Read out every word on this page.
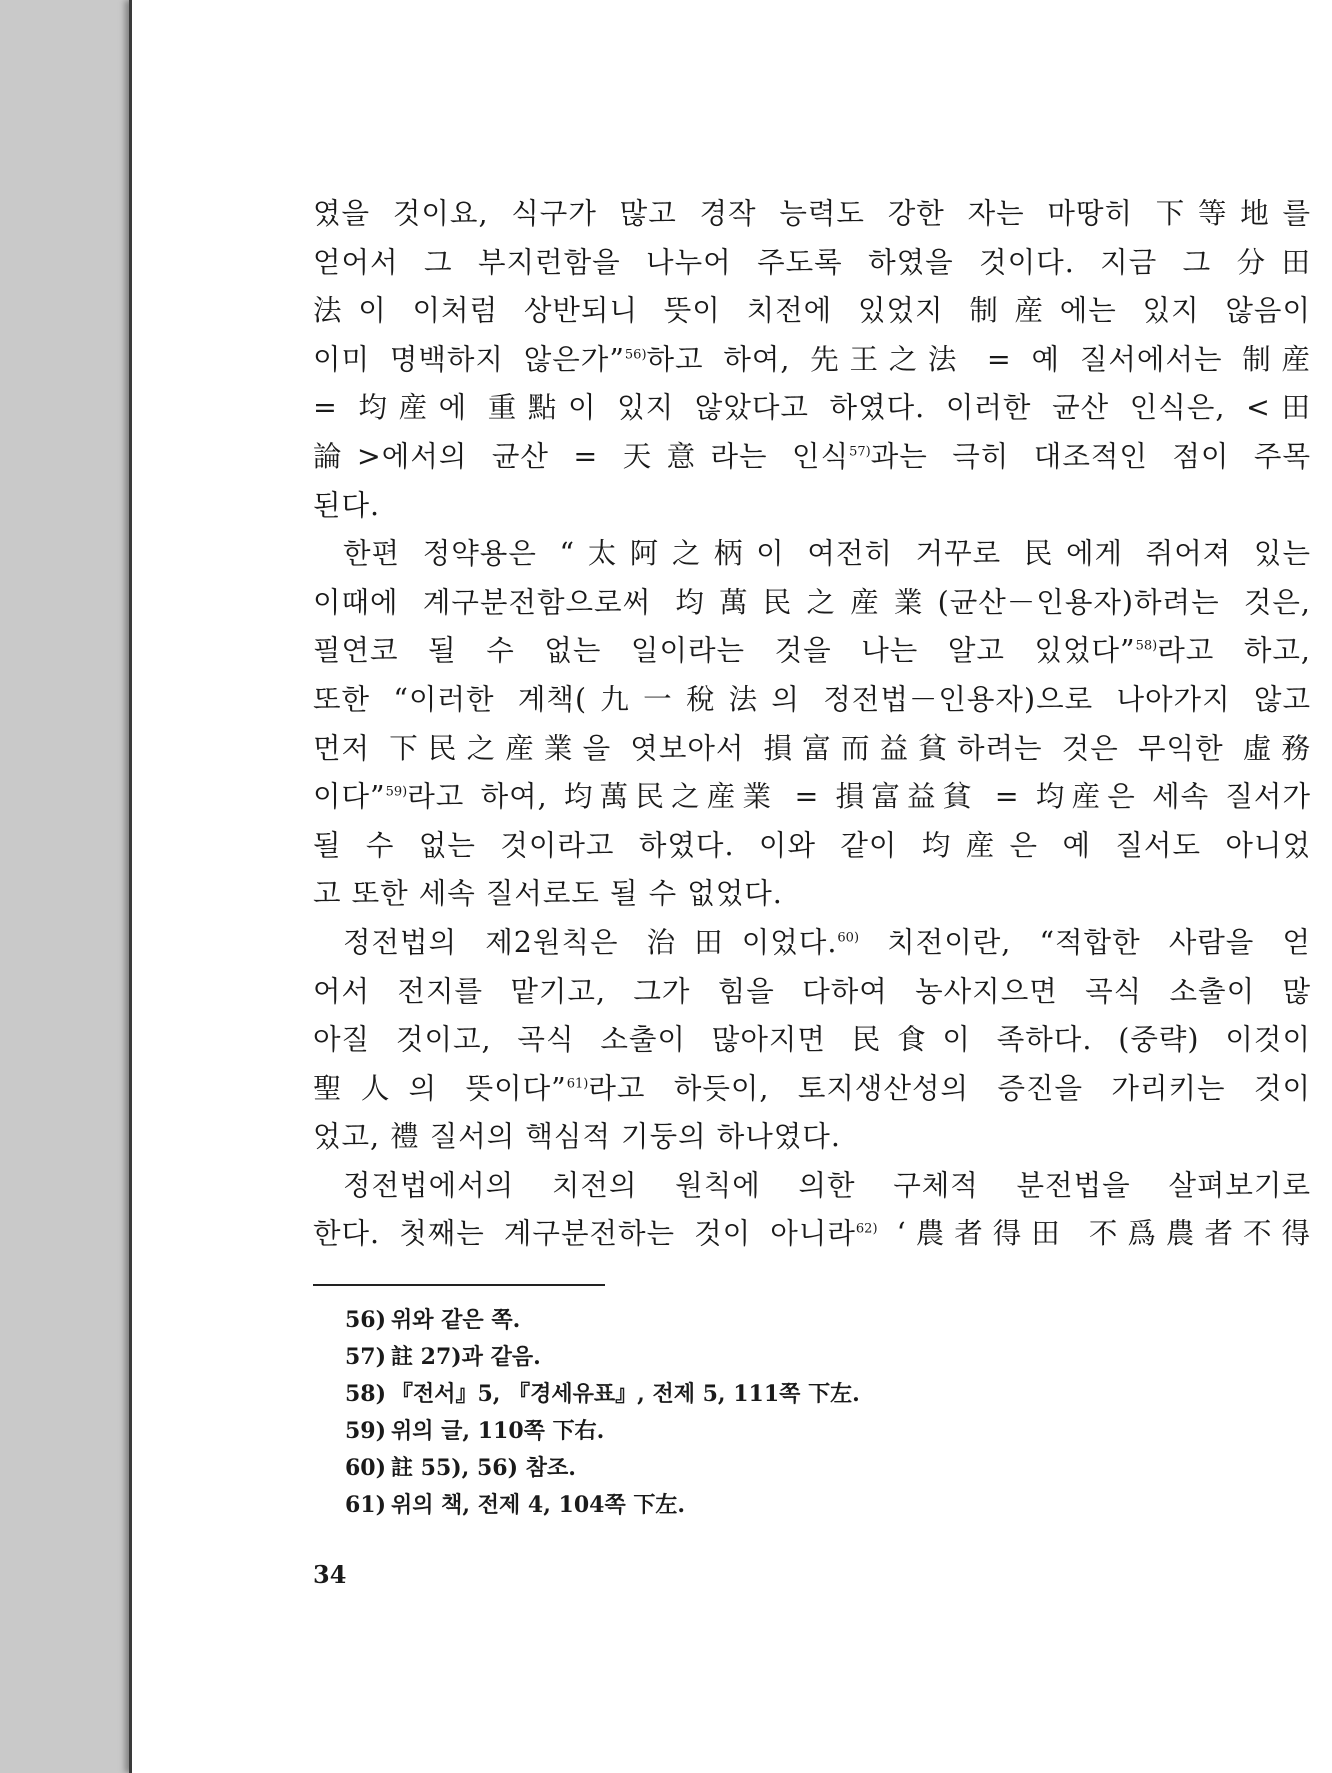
였을 것이요, 식구가 많고 경작 능력도 강한 자는 마땅히 下等地를
얻어서 그 부지런함을 나누어 주도록 하였을 것이다. 지금 그 分田
法이 이처럼 상반되니 뜻이 치전에 있었지 制産에는 있지 않음이
이미 명백하지 않은가”$^{56)}$하고 하여, 先王之法 = 예 질서에서는 制産
= 均産에 重點이 있지 않았다고 하였다. 이러한 균산 인식은, <田
論>에서의 균산 = 天意라는 인식$^{57)}$과는 극히 대조적인 점이 주목
된다.
한편 정약용은 “太阿之柄이 여전히 거꾸로 民에게 쥐어져 있는
이때에 계구분전함으로써 均萬民之産業(균산－인용자)하려는 것은,
필연코 될 수 없는 일이라는 것을 나는 알고 있었다”$^{58)}$라고 하고,
또한 “이러한 계책(九一稅法의 정전법－인용자)으로 나아가지 않고
먼저 下民之産業을 엿보아서 損富而益貧하려는 것은 무익한 虛務
이다”$^{59)}$라고 하여, 均萬民之産業 = 損富益貧 = 均産은 세속 질서가
될 수 없는 것이라고 하였다. 이와 같이 均産은 예 질서도 아니었
고 또한 세속 질서로도 될 수 없었다.
정전법의 제2원칙은 治田이었다.$^{60)}$ 치전이란, “적합한 사람을 얻
어서 전지를 맡기고, 그가 힘을 다하여 농사지으면 곡식 소출이 많
아질 것이고, 곡식 소출이 많아지면 民食이 족하다. (중략) 이것이
聖人의 뜻이다”$^{61)}$라고 하듯이, 토지생산성의 증진을 가리키는 것이
었고, 禮 질서의 핵심적 기둥의 하나였다.
정전법에서의 치전의 원칙에 의한 구체적 분전법을 살펴보기로
한다. 첫째는 계구분전하는 것이 아니라$^{62)}$ ‘農者得田 不爲農者不得
56) 위와 같은 쪽.
57) 註 27)과 같음.
58) 『전서』5, 『경세유표』, 전제 5, 111쪽 下左.
59) 위의 글, 110쪽 下右.
60) 註 55), 56) 참조.
61) 위의 책, 전제 4, 104쪽 下左.
34
